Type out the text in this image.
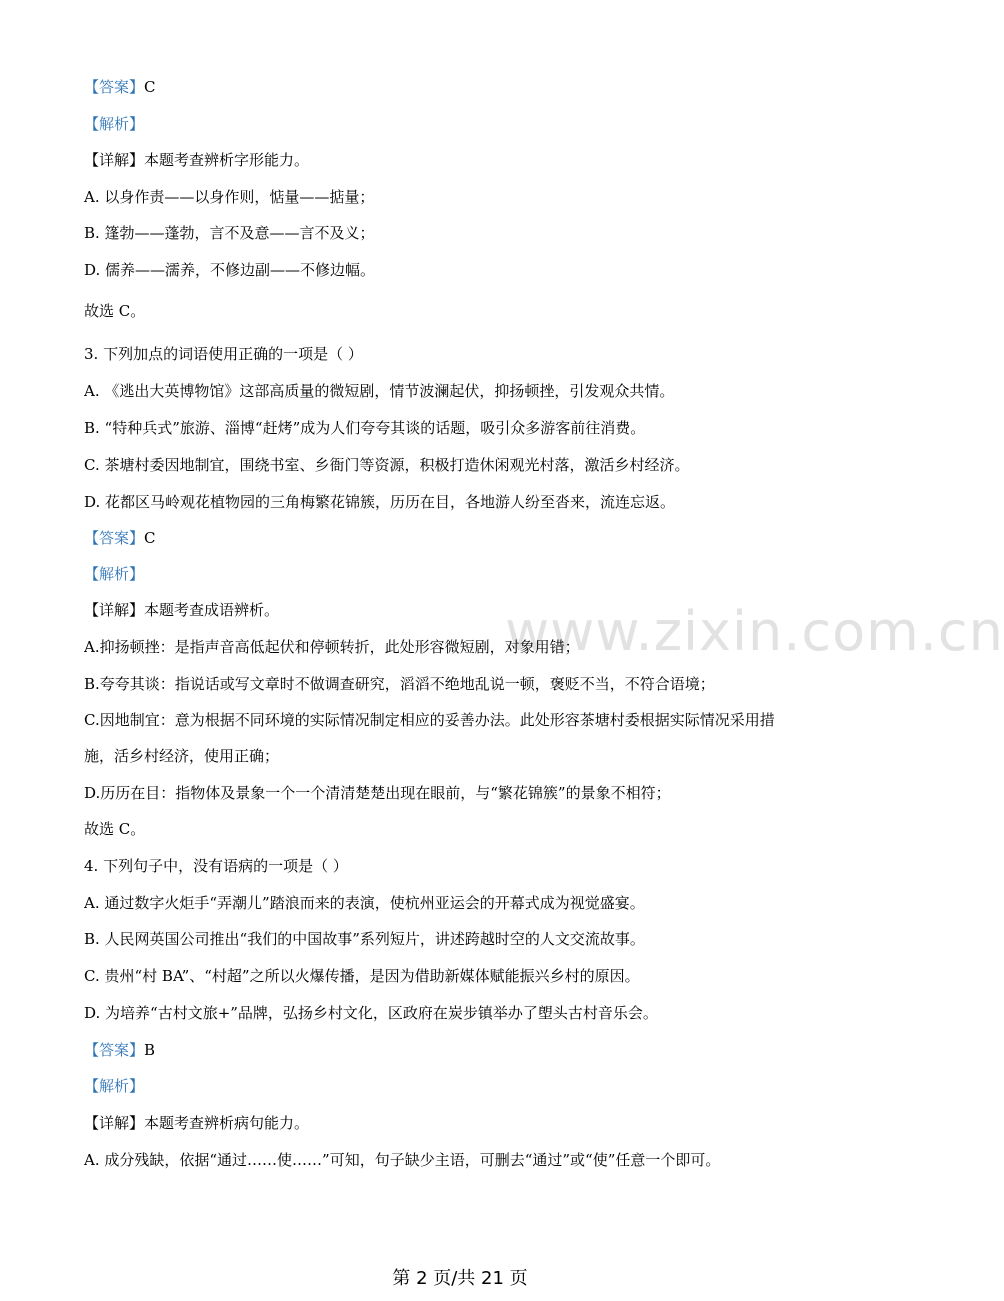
www.zixin.com.cn
【答案】C
【解析】
【详解】本题考查辨析字形能力。
A. 以身作责——以身作则，惦量——掂量；
B. 篷勃——蓬勃，言不及意——言不及义；
D. 儒养——濡养，不修边副——不修边幅。
故选 C。
3. 下列加点的词语使用正确的一项是（ ）
A. 《逃出大英博物馆》这部高质量的微短剧，情节波澜起伏，抑扬顿挫，引发观众共情。
B. “特种兵式”旅游、淄博“赶烤”成为人们夸夸其谈的话题，吸引众多游客前往消费。
C. 茶塘村委因地制宜，围绕书室、乡衙门等资源，积极打造休闲观光村落，激活乡村经济。
D. 花都区马岭观花植物园的三角梅繁花锦簇，历历在目，各地游人纷至沓来，流连忘返。
【答案】C
【解析】
【详解】本题考查成语辨析。
A.抑扬顿挫：是指声音高低起伏和停顿转折，此处形容微短剧，对象用错；
B.夸夸其谈：指说话或写文章时不做调查研究，滔滔不绝地乱说一顿，褒贬不当，不符合语境；
C.因地制宜：意为根据不同环境的实际情况制定相应的妥善办法。此处形容茶塘村委根据实际情况采用措
施，活乡村经济，使用正确；
D.历历在目：指物体及景象一个一个清清楚楚出现在眼前，与“繁花锦簇”的景象不相符；
故选 C。
4. 下列句子中，没有语病的一项是（ ）
A. 通过数字火炬手“弄潮儿”踏浪而来的表演，使杭州亚运会的开幕式成为视觉盛宴。
B. 人民网英国公司推出“我们的中国故事”系列短片，讲述跨越时空的人文交流故事。
C. 贵州“村 BA”、“村超”之所以火爆传播，是因为借助新媒体赋能振兴乡村的原因。
D. 为培养“古村文旅+”品牌，弘扬乡村文化，区政府在炭步镇举办了塱头古村音乐会。
【答案】B
【解析】
【详解】本题考查辨析病句能力。
A. 成分残缺，依据“通过……使……”可知，句子缺少主语，可删去“通过”或“使”任意一个即可。
第 2 页/共 21 页
